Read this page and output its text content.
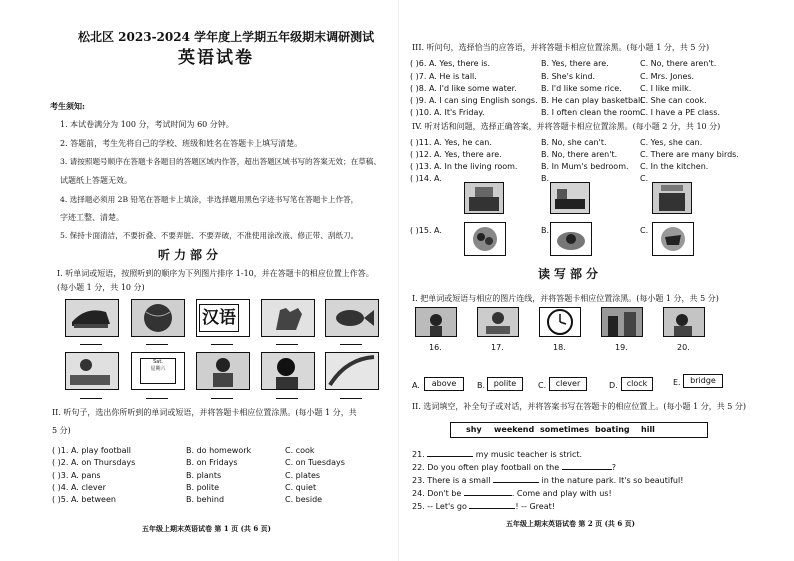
松北区 2023-2024 学年度上学期五年级期末调研测试
英语试卷
考生须知:
1. 本试卷满分为 100 分，考试时间为 60 分钟。
2. 答题前，考生先将自己的学校、班级和姓名在答题卡上填写清楚。
3. 请按照题号顺序在答题卡各题目的答题区域内作答，超出答题区域书写的答案无效；在草稿、
试题纸上答题无效。
4. 选择题必须用 2B 铅笔在答题卡上填涂，非选择题用黑色字迹书写笔在答题卡上作答，
字迹工整、清楚。
5. 保持卡面清洁，不要折叠、不要弄脏、不要弄破，不准使用涂改液、修正带、刮纸刀。
听力部分
I. 听单词或短语，按照听到的顺序为下列图片排序 1-10，并在答题卡的相应位置上作答。
(每小题 1 分，共 10 分)
汉语
Sat.
星期六
II. 听句子，选出你所听到的单词或短语，并将答题卡相应位置涂黑。(每小题 1 分，共
5 分)
( )1. A. play football	B. do homework	C. cook
( )2. A. on Thursdays	B. on Fridays	C. on Tuesdays
( )3. A. pans	B. plants	C. plates
( )4. A. clever	B. polite	C. quiet
( )5. A. between	B. behind	C. beside
五年级上期末英语试卷 第 1 页 (共 6 页)
III. 听问句，选择恰当的应答语，并将答题卡相应位置涂黑。(每小题 1 分，共 5 分)
( )6. A. Yes, there is.	B. Yes, there are.	C. No, there aren't.
( )7. A. He is tall.	B. She's kind.	C. Mrs. Jones.
( )8. A. I'd like some water.	B. I'd like some rice. C. I like milk.
( )9. A. I can sing English songs. B. He can play basketball.
C. She can cook.
( )10. A. It's Friday.	B. I often clean the room.
C. I have a PE class.
IV. 听对话和问题，选择正确答案，并将答题卡相应位置涂黑。(每小题 2 分，共 10 分)
( )11. A. Yes, he can.	B. No, she can't.	C. Yes, she can.
( )12. A. Yes, there are.	B. No, there aren't.	C. There are many birds.
( )13. A. In the living room.	B. In Mum's bedroom. C. In the kitchen.
( )14. A.	B.	C.
( )15. A.	B.	C.
读写部分
I. 把单词或短语与相应的图片连线，并将答题卡相应位置涂黑。(每小题 1 分，共 5 分)
16.	17.	18.	19.	20.
A.	above	B.	polite	C.	clever	D.	clock	E.	bridge
II. 选词填空，补全句子或对话，并将答案书写在答题卡的相应位置上。(每小题 1 分，共 5 分)
shy weekend sometimes boating hill
21.	my music teacher is strict.
22. Do you often play football on the	?
23. There is a small	in the nature park. It's so beautiful!
24. Don't be	. Come and play with us!
25. -- Let's go	! -- Great!
五年级上期末英语试卷 第 2 页 (共 6 页)
